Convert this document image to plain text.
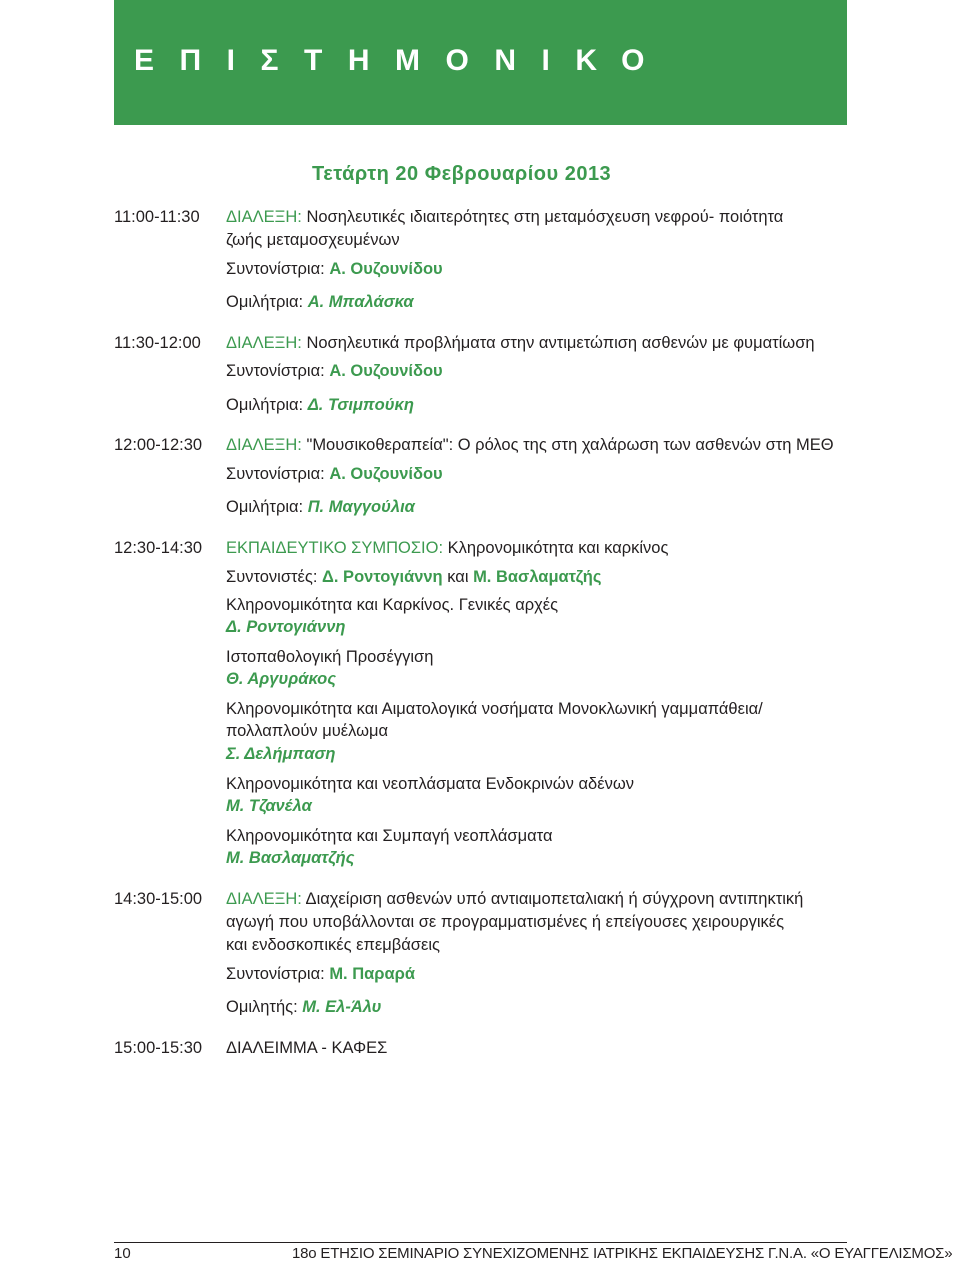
ΕΠΙΣΤΗΜΟΝΙΚΟ
Τετάρτη 20 Φεβρουαρίου 2013
11:00-11:30 ΔΙΑΛΕΞΗ: Νοσηλευτικές ιδιαιτερότητες στη μεταμόσχευση νεφρού- ποιότητα
ζωής μεταμοσχευμένων
Συντονίστρια: Α. Ουζουνίδου
Ομιλήτρια: Α. Μπαλάσκα
11:30-12:00 ΔΙΑΛΕΞΗ: Νοσηλευτικά προβλήματα στην αντιμετώπιση ασθενών με φυματίωση
Συντονίστρια: Α. Ουζουνίδου
Ομιλήτρια: Δ. Τσιμπούκη
12:00-12:30 ΔΙΑΛΕΞΗ: "Μουσικοθεραπεία": Ο ρόλος της στη χαλάρωση των ασθενών στη ΜΕΘ
Συντονίστρια: Α. Ουζουνίδου
Ομιλήτρια: Π. Μαγγούλια
12:30-14:30 ΕΚΠΑΙΔΕΥΤΙΚΟ ΣΥΜΠΟΣΙΟ: Κληρονομικότητα και καρκίνος
Συντονιστές: Δ. Ροντογιάννη και Μ. Βασλαματζής
Κληρονομικότητα και Καρκίνος. Γενικές αρχές
Δ. Ροντογιάννη
Ιστοπαθολογική Προσέγγιση
Θ. Αργυράκος
Κληρονομικότητα και Αιματολογικά νοσήματα Μονοκλωνική γαμμαπάθεια/
πολλαπλούν μυέλωμα
Σ. Δελήμπαση
Κληρονομικότητα και νεοπλάσματα Ενδοκρινών αδένων
Μ. Τζανέλα
Κληρονομικότητα και Συμπαγή νεοπλάσματα
Μ. Βασλαματζής
14:30-15:00 ΔΙΑΛΕΞΗ: Διαχείριση ασθενών υπό αντιαιμοπεταλιακή ή σύγχρονη αντιπηκτική
αγωγή που υποβάλλονται σε προγραμματισμένες ή επείγουσες χειρουργικές
και ενδοσκοπικές επεμβάσεις
Συντονίστρια: Μ. Παραρά
Ομιλητής: Μ. Ελ-Άλυ
15:00-15:30 ΔΙΑΛΕΙΜΜΑ - ΚΑΦΕΣ
10	18ο ΕΤΗΣΙΟ ΣΕΜΙΝΑΡΙΟ ΣΥΝΕΧΙΖΟΜΕΝΗΣ ΙΑΤΡΙΚΗΣ ΕΚΠΑΙΔΕΥΣΗΣ Γ.Ν.Α. «Ο ΕΥΑΓΓΕΛΙΣΜΟΣ»
